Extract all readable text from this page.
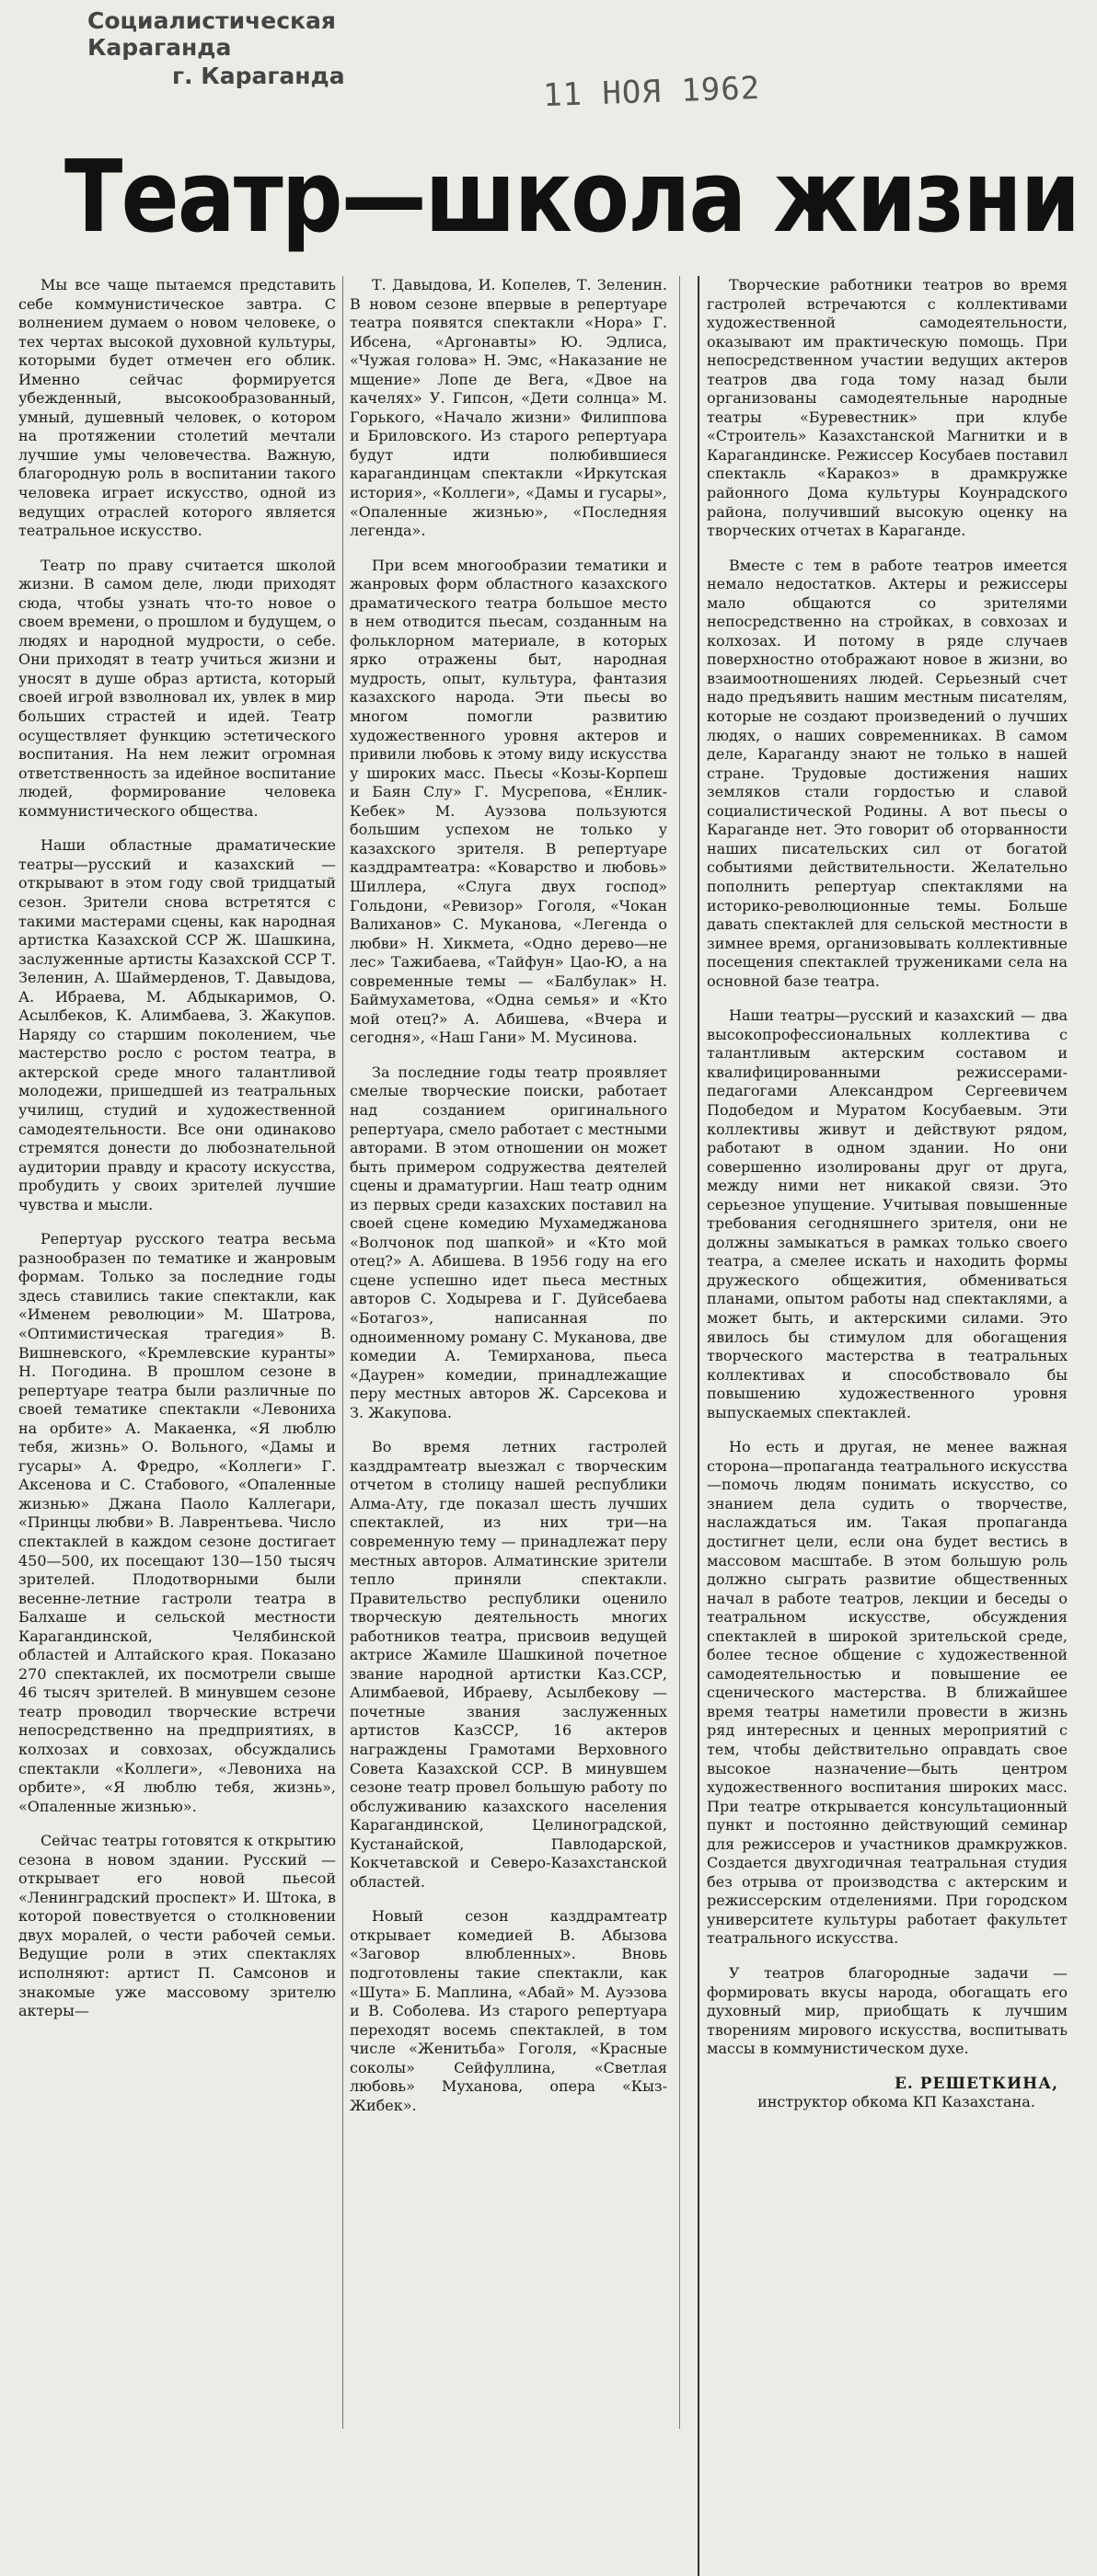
Социалистическая Караганда
г. Караганда	11 НОЯ 1962
Театр—школа жизни

Мы все чаще пытаемся представить себе коммунистическое завтра. С волнением думаем о новом человеке, о тех чертах высокой духовной культуры, которыми будет отмечен его облик. Именно сейчас формируется убежденный, высокообразованный, умный, душевный человек, о котором на протяжении столетий мечтали лучшие умы человечества. Важную, благородную роль в воспитании такого человека играет искусство, одной из ведущих отраслей которого является театральное искусство.

Театр по праву считается школой жизни. В самом деле, люди приходят сюда, чтобы узнать что-то новое о своем времени, о прошлом и будущем, о людях и народной мудрости, о себе. Они приходят в театр учиться жизни и уносят в душе образ артиста, который своей игрой взволновал их, увлек в мир больших страстей и идей. Театр осуществляет функцию эстетического воспитания. На нем лежит огромная ответственность за идейное воспитание людей, формирование человека коммунистического общества.

Наши областные драматические театры—русский и казахский — открывают в этом году свой тридцатый сезон. Зрители снова встретятся с такими мастерами сцены, как народная артистка Казахской ССР Ж. Шашкина, заслуженные артисты Казахской ССР Т. Зеленин, А. Шаймерденов, Т. Давыдова, А. Ибраева, М. Абдыкаримов, О. Асылбеков, К. Алимбаева, З. Жакупов. Наряду со старшим поколением, чье мастерство росло с ростом театра, в актерской среде много талантливой молодежи, пришедшей из театральных училищ, студий и художественной самодеятельности. Все они одинаково стремятся донести до любознательной аудитории правду и красоту искусства, пробудить у своих зрителей лучшие чувства и мысли.

Репертуар русского театра весьма разнообразен по тематике и жанровым формам. Только за последние годы здесь ставились такие спектакли, как «Именем революции» М. Шатрова, «Оптимистическая трагедия» В. Вишневского, «Кремлевские куранты» Н. Погодина. В прошлом сезоне в репертуаре театра были различные по своей тематике спектакли «Левониха на орбите» А. Макаенка, «Я люблю тебя, жизнь» О. Вольного, «Дамы и гусары» А. Фредро, «Коллеги» Г. Аксенова и С. Стабового, «Опаленные жизнью» Джана Паоло Каллегари, «Принцы любви» В. Лаврентьева. Число спектаклей в каждом сезоне достигает 450—500, их посещают 130—150 тысяч зрителей. Плодотворными были весенне-летние гастроли театра в Балхаше и сельской местности Карагандинской, Челябинской областей и Алтайского края. Показано 270 спектаклей, их посмотрели свыше 46 тысяч зрителей. В минувшем сезоне театр проводил творческие встречи непосредственно на предприятиях, в колхозах и совхозах, обсуждались спектакли «Коллеги», «Левониха на орбите», «Я люблю тебя, жизнь», «Опаленные жизнью».

Сейчас театры готовятся к открытию сезона в новом здании. Русский — открывает его новой пьесой «Ленинградский проспект» И. Штока, в которой повествуется о столкновении двух моралей, о чести рабочей семьи. Ведущие роли в этих спектаклях исполняют: артист П. Самсонов и знакомые уже массовому зрителю актеры—

Т. Давыдова, И. Копелев, Т. Зеленин. В новом сезоне впервые в репертуаре театра появятся спектакли «Нора» Г. Ибсена, «Аргонавты» Ю. Эдлиса, «Чужая голова» Н. Эмс, «Наказание не мщение» Лопе де Вега, «Двое на качелях» У. Гипсон, «Дети солнца» М. Горького, «Начало жизни» Филиппова и Бриловского. Из старого репертуара будут идти полюбившиеся карагандинцам спектакли «Иркутская история», «Коллеги», «Дамы и гусары», «Опаленные жизнью», «Последняя легенда».

При всем многообразии тематики и жанровых форм областного казахского драматического театра большое место в нем отводится пьесам, созданным на фольклорном материале, в которых ярко отражены быт, народная мудрость, опыт, культура, фантазия казахского народа. Эти пьесы во многом помогли развитию художественного уровня актеров и привили любовь к этому виду искусства у широких масс. Пьесы «Козы-Корпеш и Баян Слу» Г. Мусрепова, «Енлик-Кебек» М. Ауэзова пользуются большим успехом не только у казахского зрителя. В репертуаре казддрамтеатра: «Коварство и любовь» Шиллера, «Слуга двух господ» Гольдони, «Ревизор» Гоголя, «Чокан Валиханов» С. Муканова, «Легенда о любви» Н. Хикмета, «Одно дерево—не лес» Тажибаева, «Тайфун» Цао-Ю, а на современные темы — «Балбулак» Н. Баймухаметова, «Одна семья» и «Кто мой отец?» А. Абишева, «Вчера и сегодня», «Наш Гани» М. Мусинова.

За последние годы театр проявляет смелые творческие поиски, работает над созданием оригинального репертуара, смело работает с местными авторами. В этом отношении он может быть примером содружества деятелей сцены и драматургии. Наш театр одним из первых среди казахских поставил на своей сцене комедию Мухамеджанова «Волчонок под шапкой» и «Кто мой отец?» А. Абишева. В 1956 году на его сцене успешно идет пьеса местных авторов С. Ходырева и Г. Дуйсебаева «Ботагоз», написанная по одноименному роману С. Муканова, две комедии А. Темирханова, пьеса «Даурен» комедии, принадлежащие перу местных авторов Ж. Сарсекова и З. Жакупова.

Во время летних гастролей казддрамтеатр выезжал с творческим отчетом в столицу нашей республики Алма-Ату, где показал шесть лучших спектаклей, из них три—на современную тему — принадлежат перу местных авторов. Алматинские зрители тепло приняли спектакли. Правительство республики оценило творческую деятельность многих работников театра, присвоив ведущей актрисе Жамиле Шашкиной почетное звание народной артистки Каз.ССР, Алимбаевой, Ибраеву, Асылбекову — почетные звания заслуженных артистов КазССР, 16 актеров награждены Грамотами Верховного Совета Казахской ССР. В минувшем сезоне театр провел большую работу по обслуживанию казахского населения Карагандинской, Целиноградской, Кустанайской, Павлодарской, Кокчетавской и Северо-Казахстанской областей.

Новый сезон казддрамтеатр открывает комедией В. Абызова «Заговор влюбленных». Вновь подготовлены такие спектакли, как «Шута» Б. Маплина, «Абай» М. Ауэзова и В. Соболева. Из старого репертуара переходят восемь спектаклей, в том числе «Женитьба» Гоголя, «Красные соколы» Сейфуллина, «Светлая любовь» Муханова, опера «Кыз-Жибек».

Творческие работники театров во время гастролей встречаются с коллективами художественной самодеятельности, оказывают им практическую помощь. При непосредственном участии ведущих актеров театров два года тому назад были организованы самодеятельные народные театры «Буревестник» при клубе «Строитель» Казахстанской Магнитки и в Карагандинске. Режиссер Косубаев поставил спектакль «Каракоз» в драмкружке районного Дома культуры Коунрадского района, получивший высокую оценку на творческих отчетах в Караганде.

Вместе с тем в работе театров имеется немало недостатков. Актеры и режиссеры мало общаются со зрителями непосредственно на стройках, в совхозах и колхозах. И потому в ряде случаев поверхностно отображают новое в жизни, во взаимоотношениях людей. Серьезный счет надо предъявить нашим местным писателям, которые не создают произведений о лучших людях, о наших современниках. В самом деле, Караганду знают не только в нашей стране. Трудовые достижения наших земляков стали гордостью и славой социалистической Родины. А вот пьесы о Караганде нет. Это говорит об оторванности наших писательских сил от богатой событиями действительности. Желательно пополнить репертуар спектаклями на историко-революционные темы. Больше давать спектаклей для сельской местности в зимнее время, организовывать коллективные посещения спектаклей тружениками села на основной базе театра.

Наши театры—русский и казахский — два высокопрофессиональных коллектива с талантливым актерским составом и квалифицированными режиссерами-педагогами Александром Сергеевичем Подобедом и Муратом Косубаевым. Эти коллективы живут и действуют рядом, работают в одном здании. Но они совершенно изолированы друг от друга, между ними нет никакой связи. Это серьезное упущение. Учитывая повышенные требования сегодняшнего зрителя, они не должны замыкаться в рамках только своего театра, а смелее искать и находить формы дружеского общежития, обмениваться планами, опытом работы над спектаклями, а может быть, и актерскими силами. Это явилось бы стимулом для обогащения творческого мастерства в театральных коллективах и способствовало бы повышению художественного уровня выпускаемых спектаклей.

Но есть и другая, не менее важная сторона—пропаганда театрального искусства—помочь людям понимать искусство, со знанием дела судить о творчестве, наслаждаться им. Такая пропаганда достигнет цели, если она будет вестись в массовом масштабе. В этом большую роль должно сыграть развитие общественных начал в работе театров, лекции и беседы о театральном искусстве, обсуждения спектаклей в широкой зрительской среде, более тесное общение с художественной самодеятельностью и повышение ее сценического мастерства. В ближайшее время театры наметили провести в жизнь ряд интересных и ценных мероприятий с тем, чтобы действительно оправдать свое высокое назначение—быть центром художественного воспитания широких масс. При театре открывается консультационный пункт и постоянно действующий семинар для режиссеров и участников драмкружков. Создается двухгодичная театральная студия без отрыва от производства с актерским и режиссерским отделениями. При городском университете культуры работает факультет театрального искусства.

У театров благородные задачи — формировать вкусы народа, обогащать его духовный мир, приобщать к лучшим творениям мирового искусства, воспитывать массы в коммунистическом духе.

Е. РЕШЕТКИНА,
инструктор обкома КП Казахстана.
